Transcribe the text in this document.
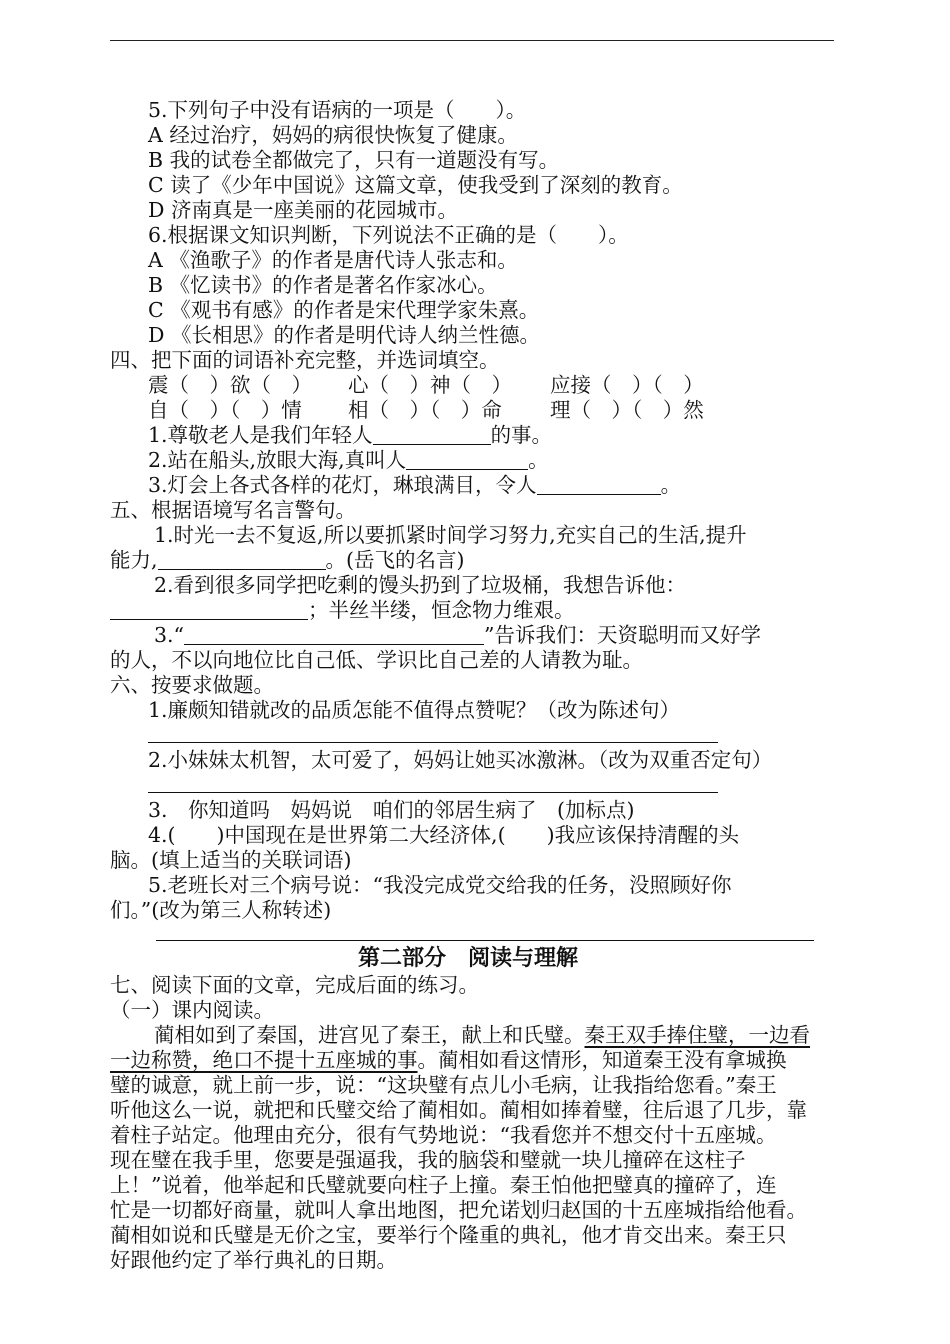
5.下列句子中没有语病的一项是（　　）。
A 经过治疗，妈妈的病很快恢复了健康。
B 我的试卷全都做完了，只有一道题没有写。
C 读了《少年中国说》这篇文章，使我受到了深刻的教育。
D 济南真是一座美丽的花园城市。
6.根据课文知识判断，下列说法不正确的是（　　）。
A 《渔歌子》的作者是唐代诗人张志和。
B 《忆读书》的作者是著名作家冰心。
C 《观书有感》的作者是宋代理学家朱熹。
D 《长相思》的作者是明代诗人纳兰性德。
四、把下面的词语补充完整，并选词填空。
震（　）欲（　） 心（　）神（　） 应接（　）（　）
自（　）（　）情 相（　）（　）命 理（　）（　）然
1.尊敬老人是我们年轻人	的事。
2.站在船头,放眼大海,真叫人	。
3.灯会上各式各样的花灯，琳琅满目，令人	。
五、根据语境写名言警句。
1.时光一去不复返,所以要抓紧时间学习努力,充实自己的生活,提升
能力,	。(岳飞的名言)
2.看到很多同学把吃剩的馒头扔到了垃圾桶，我想告诉他：
；半丝半缕，恒念物力维艰。
3.“	”告诉我们：天资聪明而又好学
的人，不以向地位比自己低、学识比自己差的人请教为耻。
六、按要求做题。
1.廉颇知错就改的品质怎能不值得点赞呢？（改为陈述句）
2.小妹妹太机智，太可爱了，妈妈让她买冰激淋。（改为双重否定句）
3.　你知道吗　妈妈说　咱们的邻居生病了　(加标点)
4.(　　)中国现在是世界第二大经济体,(　　)我应该保持清醒的头
脑。(填上适当的关联词语)
5.老班长对三个病号说：“我没完成党交给我的任务，没照顾好你
们。”(改为第三人称转述)
第二部分　阅读与理解
七、阅读下面的文章，完成后面的练习。
（一）课内阅读。
蔺相如到了秦国，进宫见了秦王，献上和氏璧。秦王双手捧住璧，一边看
一边称赞，绝口不提十五座城的事。蔺相如看这情形，知道秦王没有拿城换
璧的诚意，就上前一步，说：“这块璧有点儿小毛病，让我指给您看。”秦王
听他这么一说，就把和氏璧交给了蔺相如。蔺相如捧着璧，往后退了几步，靠
着柱子站定。他理由充分，很有气势地说：“我看您并不想交付十五座城。
现在璧在我手里，您要是强逼我，我的脑袋和璧就一块儿撞碎在这柱子
上！”说着，他举起和氏璧就要向柱子上撞。秦王怕他把璧真的撞碎了，连
忙是一切都好商量，就叫人拿出地图，把允诺划归赵国的十五座城指给他看。
蔺相如说和氏璧是无价之宝，要举行个隆重的典礼，他才肯交出来。秦王只
好跟他约定了举行典礼的日期。
